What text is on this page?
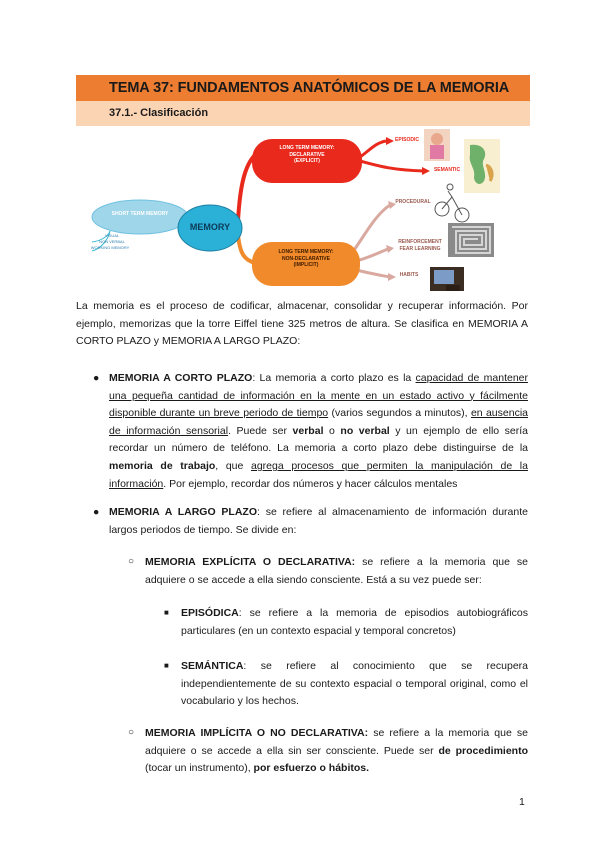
TEMA 37: FUNDAMENTOS ANATÓMICOS DE LA MEMORIA
37.1.- Clasificación
SHORT TERM MEMORY
VISUAL
NON VERBAL
WORKING MEMORY
MEMORY
LONG TERM MEMORY:
DECLARATIVE
(EXPLICIT)
LONG TERM MEMORY:
NON-DECLARATIVE
(IMPLICIT)
EPISODIC
SEMANTIC
PROCEDURAL
REINFORCEMENT
FEAR LEARNING
HABITS
La memoria es el proceso de codificar, almacenar, consolidar y recuperar información. Por ejemplo, memorizas que la torre Eiffel tiene 325 metros de altura. Se clasifica en MEMORIA A CORTO PLAZO y MEMORIA A LARGO PLAZO:
● MEMORIA A CORTO PLAZO: La memoria a corto plazo es la capacidad de mantener una pequeña cantidad de información en la mente en un estado activo y fácilmente disponible durante un breve periodo de tiempo (varios segundos a minutos), en ausencia de información sensorial. Puede ser verbal o no verbal y un ejemplo de ello sería recordar un número de teléfono. La memoria a corto plazo debe distinguirse de la memoria de trabajo, que agrega procesos que permiten la manipulación de la información. Por ejemplo, recordar dos números y hacer cálculos mentales
● MEMORIA A LARGO PLAZO: se refiere al almacenamiento de información durante largos periodos de tiempo. Se divide en:
○ MEMORIA EXPLÍCITA O DECLARATIVA: se refiere a la memoria que se adquiere o se accede a ella siendo consciente. Está a su vez puede ser:
■ EPISÓDICA: se refiere a la memoria de episodios autobiográficos particulares (en un contexto espacial y temporal concretos)
■ SEMÁNTICA: se refiere al conocimiento que se recupera independientemente de su contexto espacial o temporal original, como el vocabulario y los hechos.
○ MEMORIA IMPLÍCITA O NO DECLARATIVA: se refiere a la memoria que se adquiere o se accede a ella sin ser consciente. Puede ser de procedimiento (tocar un instrumento), por esfuerzo o hábitos.
1
